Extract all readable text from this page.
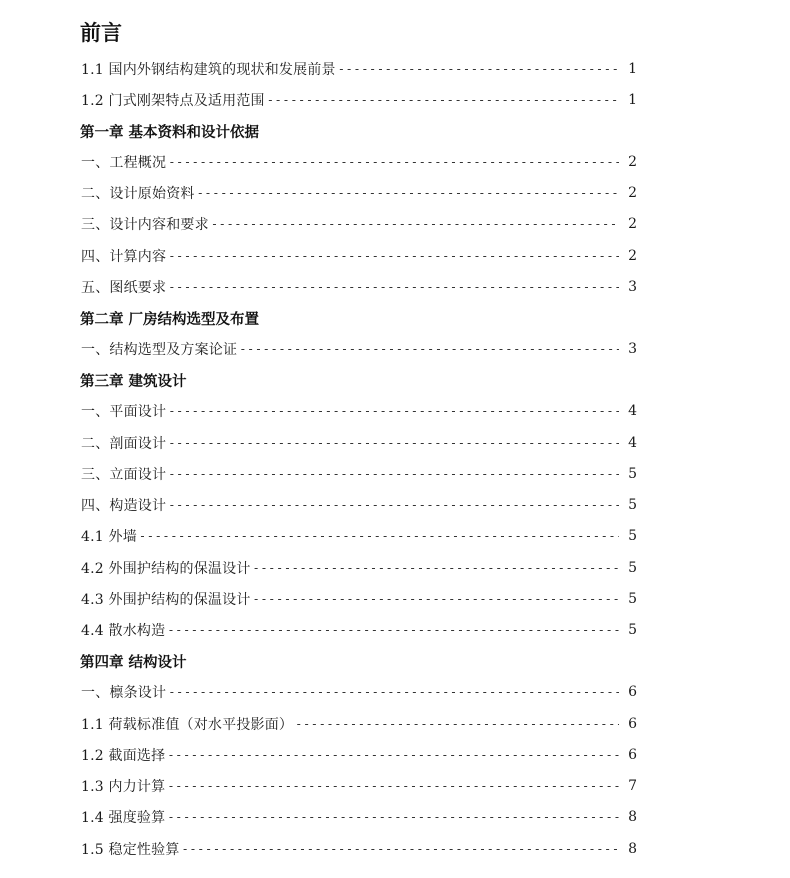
前言
1.1 国内外钢结构建筑的现状和发展前景 -----	1
1.2 门式刚架特点及适用范围 -----	1
第一章 基本资料和设计依据
一、工程概况 -----	2
二、设计原始资料 -----	2
三、设计内容和要求 -----	2
四、计算内容 -----	2
五、图纸要求 -----	3
第二章 厂房结构选型及布置
一、结构选型及方案论证 -----	3
第三章 建筑设计
一、平面设计 -----	4
二、剖面设计 -----	4
三、立面设计 -----	5
四、构造设计 -----	5
4.1 外墙 -----	5
4.2 外围护结构的保温设计 -----	5
4.3 外围护结构的保温设计 -----	5
4.4 散水构造 -----	5
第四章 结构设计
一、檩条设计 -----	6
1.1 荷载标准值（对水平投影面） -----	6
1.2 截面选择 -----	6
1.3 内力计算 -----	7
1.4 强度验算 -----	8
1.5 稳定性验算 -----	8
